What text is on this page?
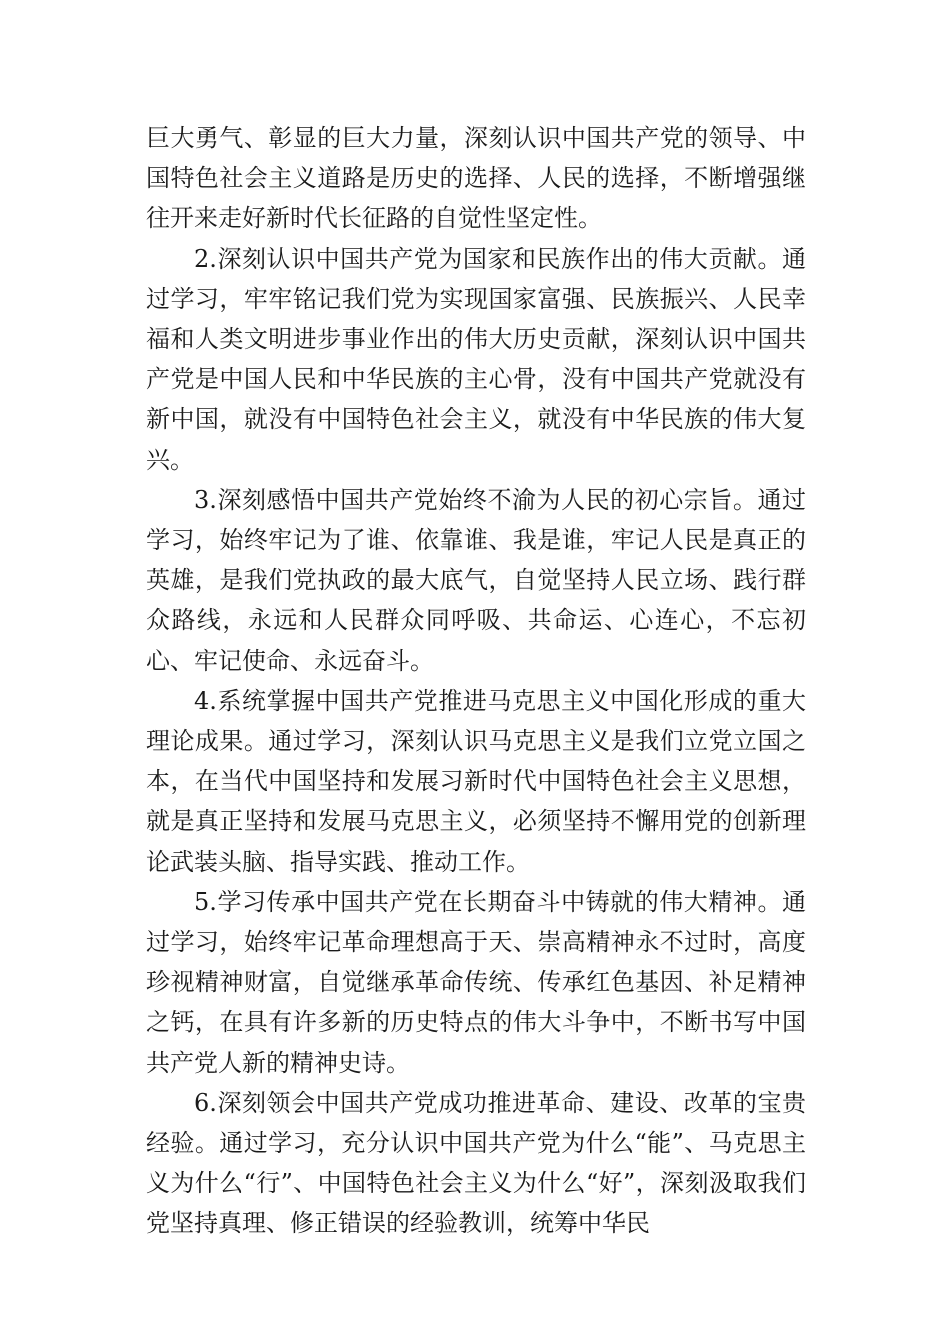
巨大勇气、彰显的巨大力量，深刻认识中国共产党的领导、中国特色社会主义道路是历史的选择、人民的选择，不断增强继往开来走好新时代长征路的自觉性坚定性。

2.深刻认识中国共产党为国家和民族作出的伟大贡献。通过学习，牢牢铭记我们党为实现国家富强、民族振兴、人民幸福和人类文明进步事业作出的伟大历史贡献，深刻认识中国共产党是中国人民和中华民族的主心骨，没有中国共产党就没有新中国，就没有中国特色社会主义，就没有中华民族的伟大复兴。

3.深刻感悟中国共产党始终不渝为人民的初心宗旨。通过学习，始终牢记为了谁、依靠谁、我是谁，牢记人民是真正的英雄，是我们党执政的最大底气，自觉坚持人民立场、践行群众路线，永远和人民群众同呼吸、共命运、心连心，不忘初心、牢记使命、永远奋斗。

4.系统掌握中国共产党推进马克思主义中国化形成的重大理论成果。通过学习，深刻认识马克思主义是我们立党立国之本，在当代中国坚持和发展习新时代中国特色社会主义思想，就是真正坚持和发展马克思主义，必须坚持不懈用党的创新理论武装头脑、指导实践、推动工作。

5.学习传承中国共产党在长期奋斗中铸就的伟大精神。通过学习，始终牢记革命理想高于天、崇高精神永不过时，高度珍视精神财富，自觉继承革命传统、传承红色基因、补足精神之钙，在具有许多新的历史特点的伟大斗争中，不断书写中国共产党人新的精神史诗。

6.深刻领会中国共产党成功推进革命、建设、改革的宝贵经验。通过学习，充分认识中国共产党为什么“能”、马克思主义为什么“行”、中国特色社会主义为什么“好”，深刻汲取我们党坚持真理、修正错误的经验教训，统筹中华民
